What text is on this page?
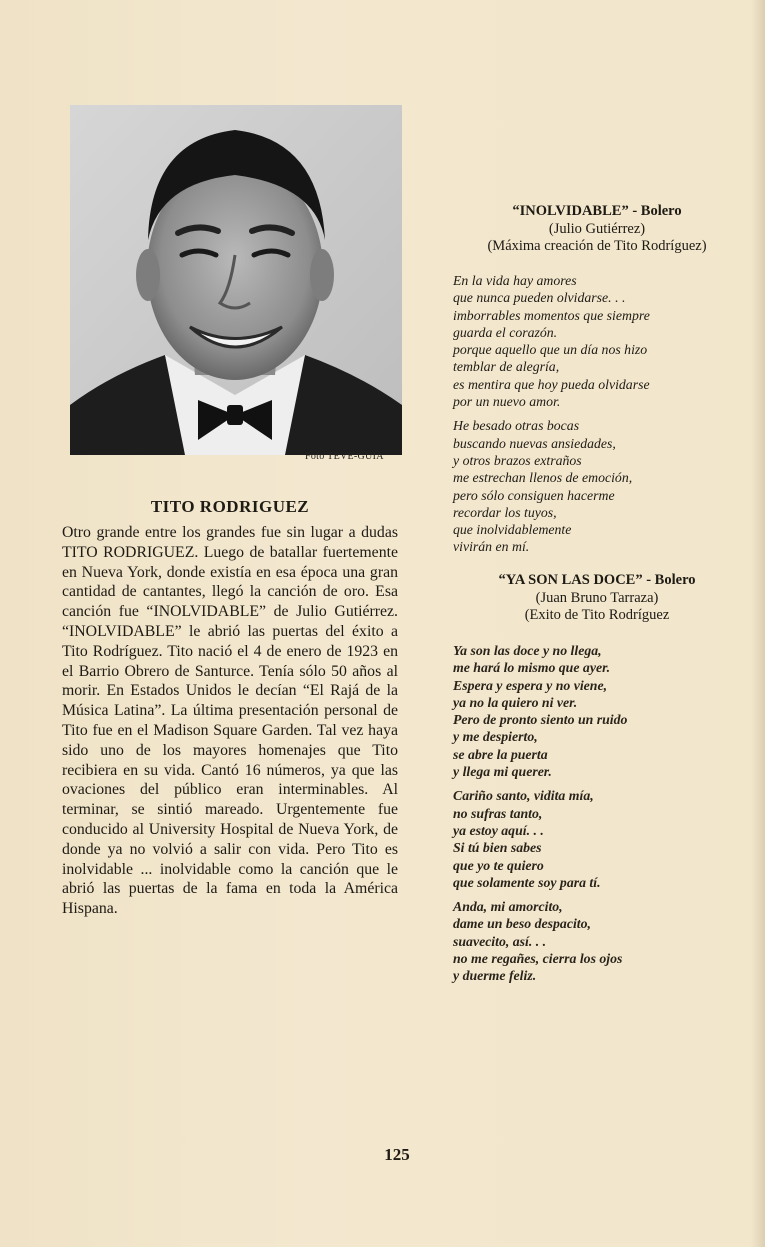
Foto TEVE-GUIA
TITO RODRIGUEZ

Otro grande entre los grandes fue sin lugar a dudas TITO RODRIGUEZ. Luego de batallar fuertemente en Nueva York, donde existía en esa época una gran cantidad de cantantes, llegó la canción de oro. Esa canción fue “INOLVIDABLE” de Julio Gutiérrez. “INOLVIDABLE” le abrió las puertas del éxito a Tito Rodríguez. Tito nació el 4 de enero de 1923 en el Barrio Obrero de Santurce. Tenía sólo 50 años al morir. En Estados Unidos le decían “El Rajá de la Música Latina”. La última presentación personal de Tito fue en el Madison Square Garden. Tal vez haya sido uno de los mayores homenajes que Tito recibiera en su vida. Cantó 16 números, ya que las ovaciones del público eran interminables. Al terminar, se sintió mareado. Urgentemente fue conducido al University Hospital de Nueva York, de donde ya no volvió a salir con vida. Pero Tito es inolvidable ... inolvidable como la canción que le abrió las puertas de la fama en toda la América Hispana.

“INOLVIDABLE” - Bolero
(Julio Gutiérrez)
(Máxima creación de Tito Rodríguez)
En la vida hay amores
que nunca pueden olvidarse. . .
imborrables momentos que siempre
guarda el corazón.
porque aquello que un día nos hizo
temblar de alegría,
es mentira que hoy pueda olvidarse
por un nuevo amor.
He besado otras bocas
buscando nuevas ansiedades,
y otros brazos extraños
me estrechan llenos de emoción,
pero sólo consiguen hacerme
recordar los tuyos,
que inolvidablemente
vivirán en mí.
“YA SON LAS DOCE” - Bolero
(Juan Bruno Tarraza)
(Exito de Tito Rodríguez
Ya son las doce y no llega,
me hará lo mismo que ayer.
Espera y espera y no viene,
ya no la quiero ni ver.
Pero de pronto siento un ruido
y me despierto,
se abre la puerta
y llega mi querer.
Cariño santo, vidita mía,
no sufras tanto,
ya estoy aquí. . .
Si tú bien sabes
que yo te quiero
que solamente soy para tí.
Anda, mi amorcito,
dame un beso despacito,
suavecito, así. . .
no me regañes, cierra los ojos
y duerme feliz.
125
